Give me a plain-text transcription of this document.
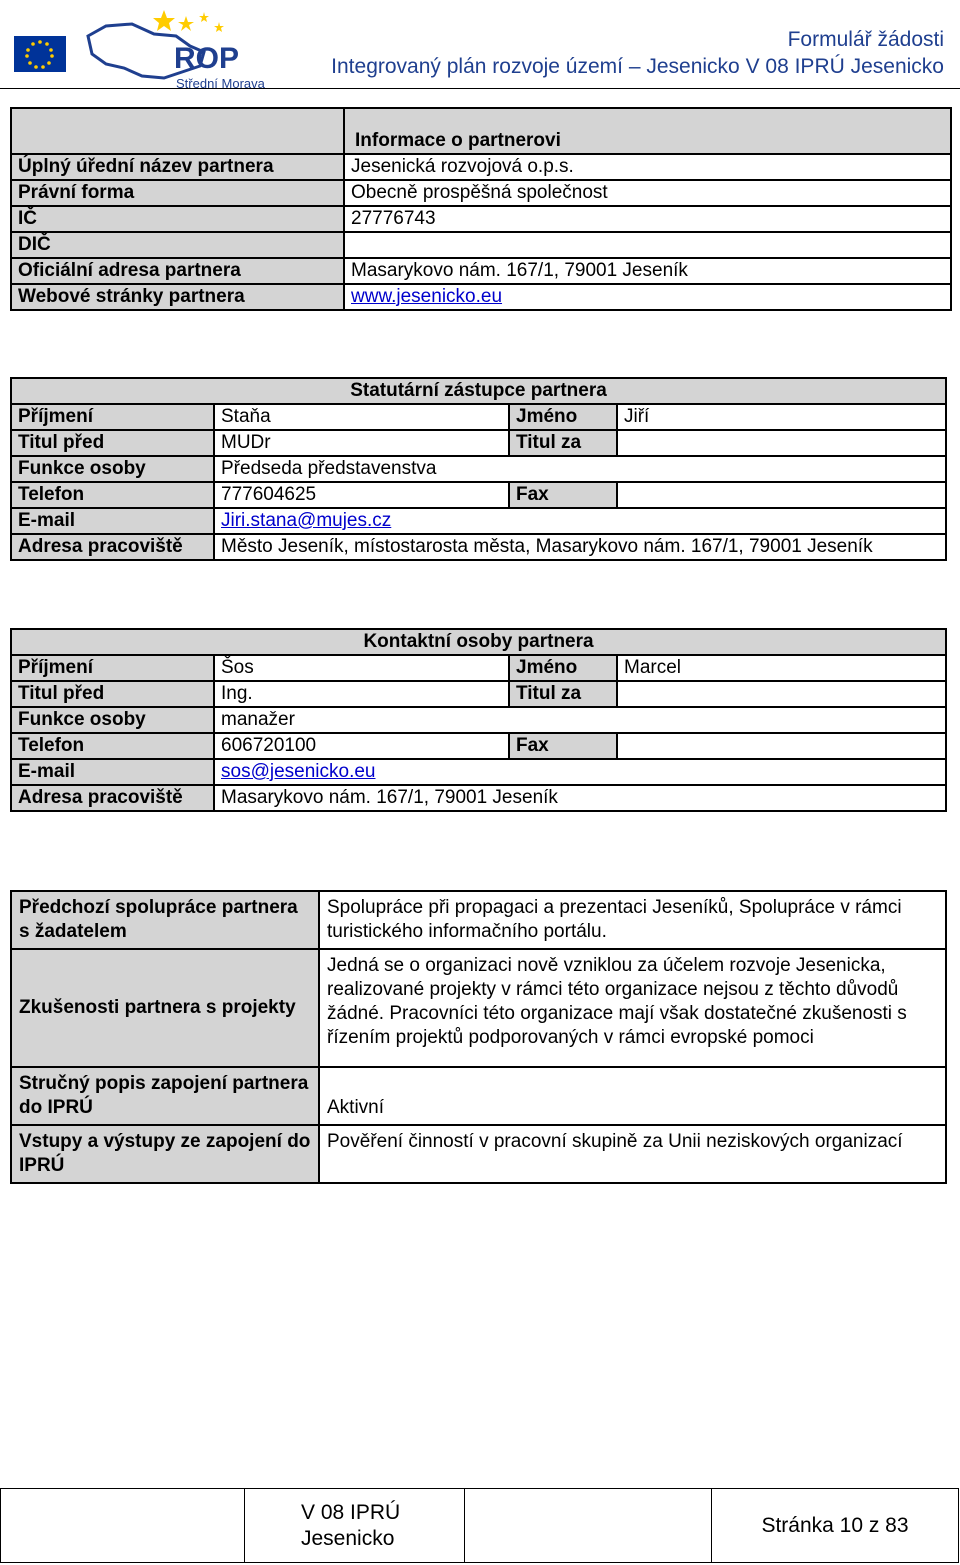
ROP
Střední Morava
Formulář žádosti
Integrovaný plán rozvoje území – Jesenicko V 08 IPRÚ Jesenicko
	Informace o partnerovi
Úplný úřední název partnera	Jesenická rozvojová o.p.s.
Právní forma	Obecně prospěšná společnost
IČ	27776743
DIČ	
Oficiální adresa partnera	Masarykovo nám. 167/1, 79001 Jeseník
Webové stránky partnera	www.jesenicko.eu
Statutární zástupce partnera			
Příjmení	Staňa	Jméno	Jiří
Titul před	MUDr	Titul za	
Funkce osoby	Předseda představenstva		
Telefon	777604625	Fax	
E-mail	Jiri.stana@mujes.cz		
Adresa pracoviště	Město Jeseník, místostarosta města, Masarykovo nám. 167/1, 79001 Jeseník		
Kontaktní osoby partnera			
Příjmení	Šos	Jméno	Marcel
Titul před	Ing.	Titul za	
Funkce osoby	manažer		
Telefon	606720100	Fax	
E-mail	sos@jesenicko.eu		
Adresa pracoviště	Masarykovo nám. 167/1, 79001 Jeseník		
Předchozí spolupráce partnera s žadatelem	Spolupráce při propagaci a prezentaci Jeseníků, Spolupráce v rámci turistického informačního portálu.
Zkušenosti partnera s projekty	Jedná se o organizaci nově vzniklou za účelem rozvoje Jesenicka, realizované projekty v rámci této organizace nejsou z těchto důvodů žádné. Pracovníci této organizace mají však dostatečné zkušenosti s řízením projektů podporovaných v rámci evropské pomoci
Stručný popis zapojení partnera do IPRÚ	Aktivní
Vstupy a výstupy ze zapojení do IPRÚ	Pověření činností v pracovní skupině za Unii neziskových organizací

V 08 IPRÚ
Jesenicko
		Stránka 10 z 83
